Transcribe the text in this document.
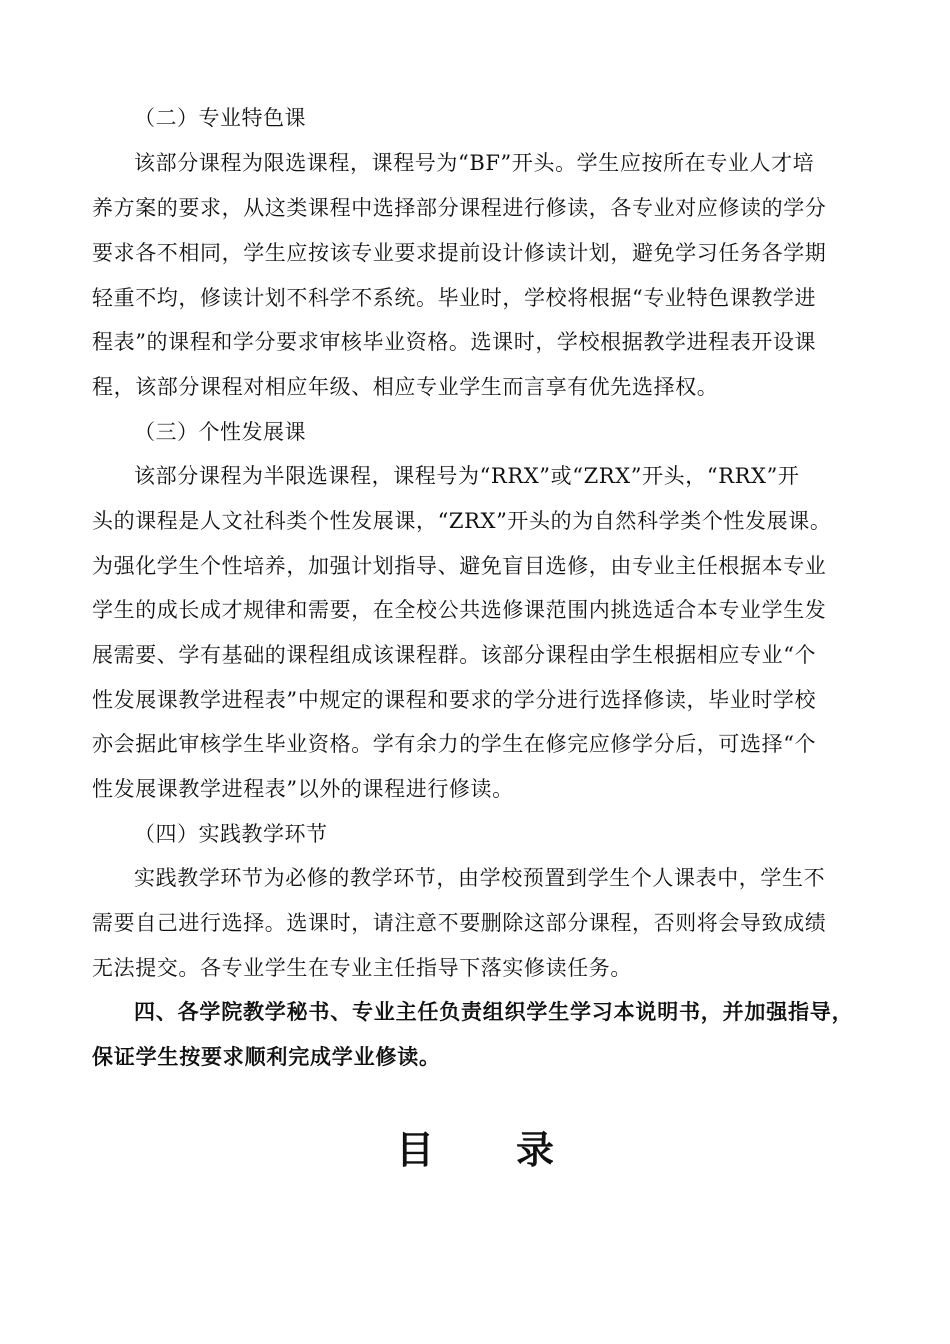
（二）专业特色课
该部分课程为限选课程，课程号为“BF”开头。学生应按所在专业人才培
养方案的要求，从这类课程中选择部分课程进行修读，各专业对应修读的学分
要求各不相同，学生应按该专业要求提前设计修读计划，避免学习任务各学期
轻重不均，修读计划不科学不系统。毕业时，学校将根据“专业特色课教学进
程表”的课程和学分要求审核毕业资格。选课时，学校根据教学进程表开设课
程，该部分课程对相应年级、相应专业学生而言享有优先选择权。
（三）个性发展课
该部分课程为半限选课程，课程号为“RRX”或“ZRX”开头，“RRX”开
头的课程是人文社科类个性发展课，“ZRX”开头的为自然科学类个性发展课。
为强化学生个性培养，加强计划指导、避免盲目选修，由专业主任根据本专业
学生的成长成才规律和需要，在全校公共选修课范围内挑选适合本专业学生发
展需要、学有基础的课程组成该课程群。该部分课程由学生根据相应专业“个
性发展课教学进程表”中规定的课程和要求的学分进行选择修读，毕业时学校
亦会据此审核学生毕业资格。学有余力的学生在修完应修学分后，可选择“个
性发展课教学进程表”以外的课程进行修读。
（四）实践教学环节
实践教学环节为必修的教学环节，由学校预置到学生个人课表中，学生不
需要自己进行选择。选课时，请注意不要删除这部分课程，否则将会导致成绩
无法提交。各专业学生在专业主任指导下落实修读任务。
四、各学院教学秘书、专业主任负责组织学生学习本说明书，并加强指导，
保证学生按要求顺利完成学业修读。
目录
